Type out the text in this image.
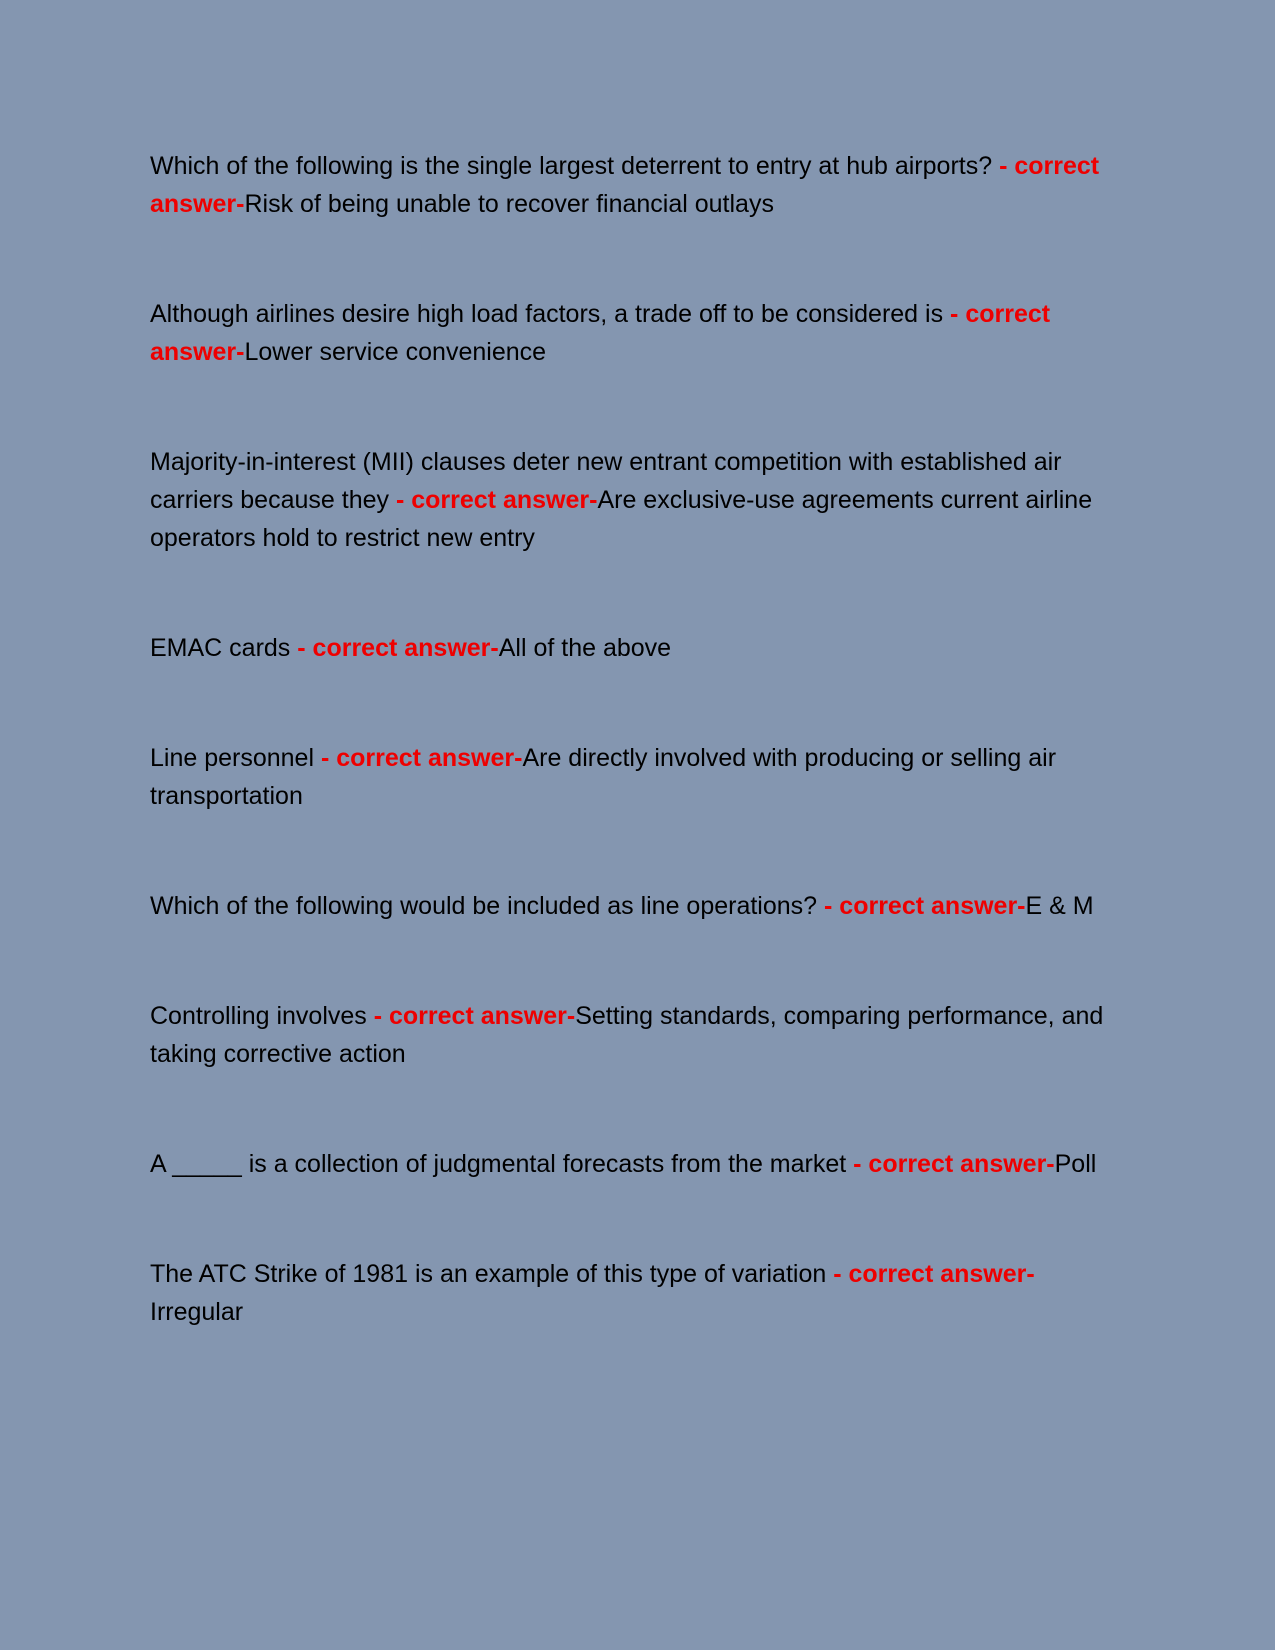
Which of the following is the single largest deterrent to entry at hub airports? - correct answer-Risk of being unable to recover financial outlays

Although airlines desire high load factors, a trade off to be considered is - correct answer-Lower service convenience

Majority-in-interest (MII) clauses deter new entrant competition with established air carriers because they - correct answer-Are exclusive-use agreements current airline operators hold to restrict new entry

EMAC cards - correct answer-All of the above

Line personnel - correct answer-Are directly involved with producing or selling air transportation

Which of the following would be included as line operations? - correct answer-E & M

Controlling involves - correct answer-Setting standards, comparing performance, and taking corrective action

A _____ is a collection of judgmental forecasts from the market - correct answer-Poll

The ATC Strike of 1981 is an example of this type of variation - correct answer-Irregular
